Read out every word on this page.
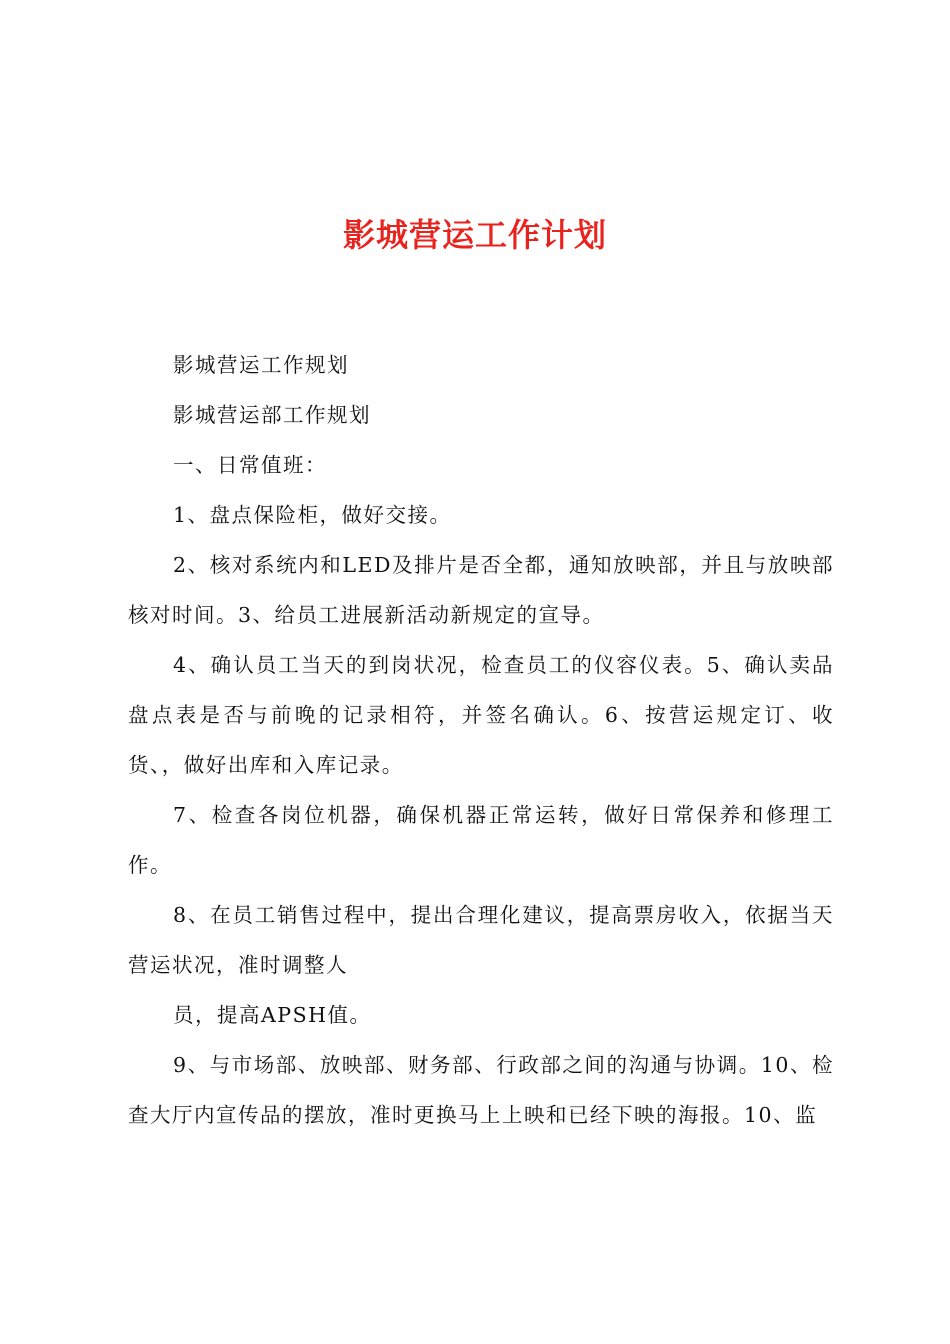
影城营运工作计划

影城营运工作规划

影城营运部工作规划

一、日常值班：

1、盘点保险柜，做好交接。

2、核对系统内和LED及排片是否全都，通知放映部，并且与放映部核对时间。3、给员工进展新活动新规定的宣导。

4、确认员工当天的到岗状况，检查员工的仪容仪表。5、确认卖品盘点表是否与前晚的记录相符，并签名确认。6、按营运规定订、收货、，做好出库和入库记录。

7、检查各岗位机器，确保机器正常运转，做好日常保养和修理工作。

8、在员工销售过程中，提出合理化建议，提高票房收入，依据当天营运状况，准时调整人

员，提高APSH值。

9、与市场部、放映部、财务部、行政部之间的沟通与协调。10、检查大厅内宣传品的摆放，准时更换马上上映和已经下映的海报。10、监
